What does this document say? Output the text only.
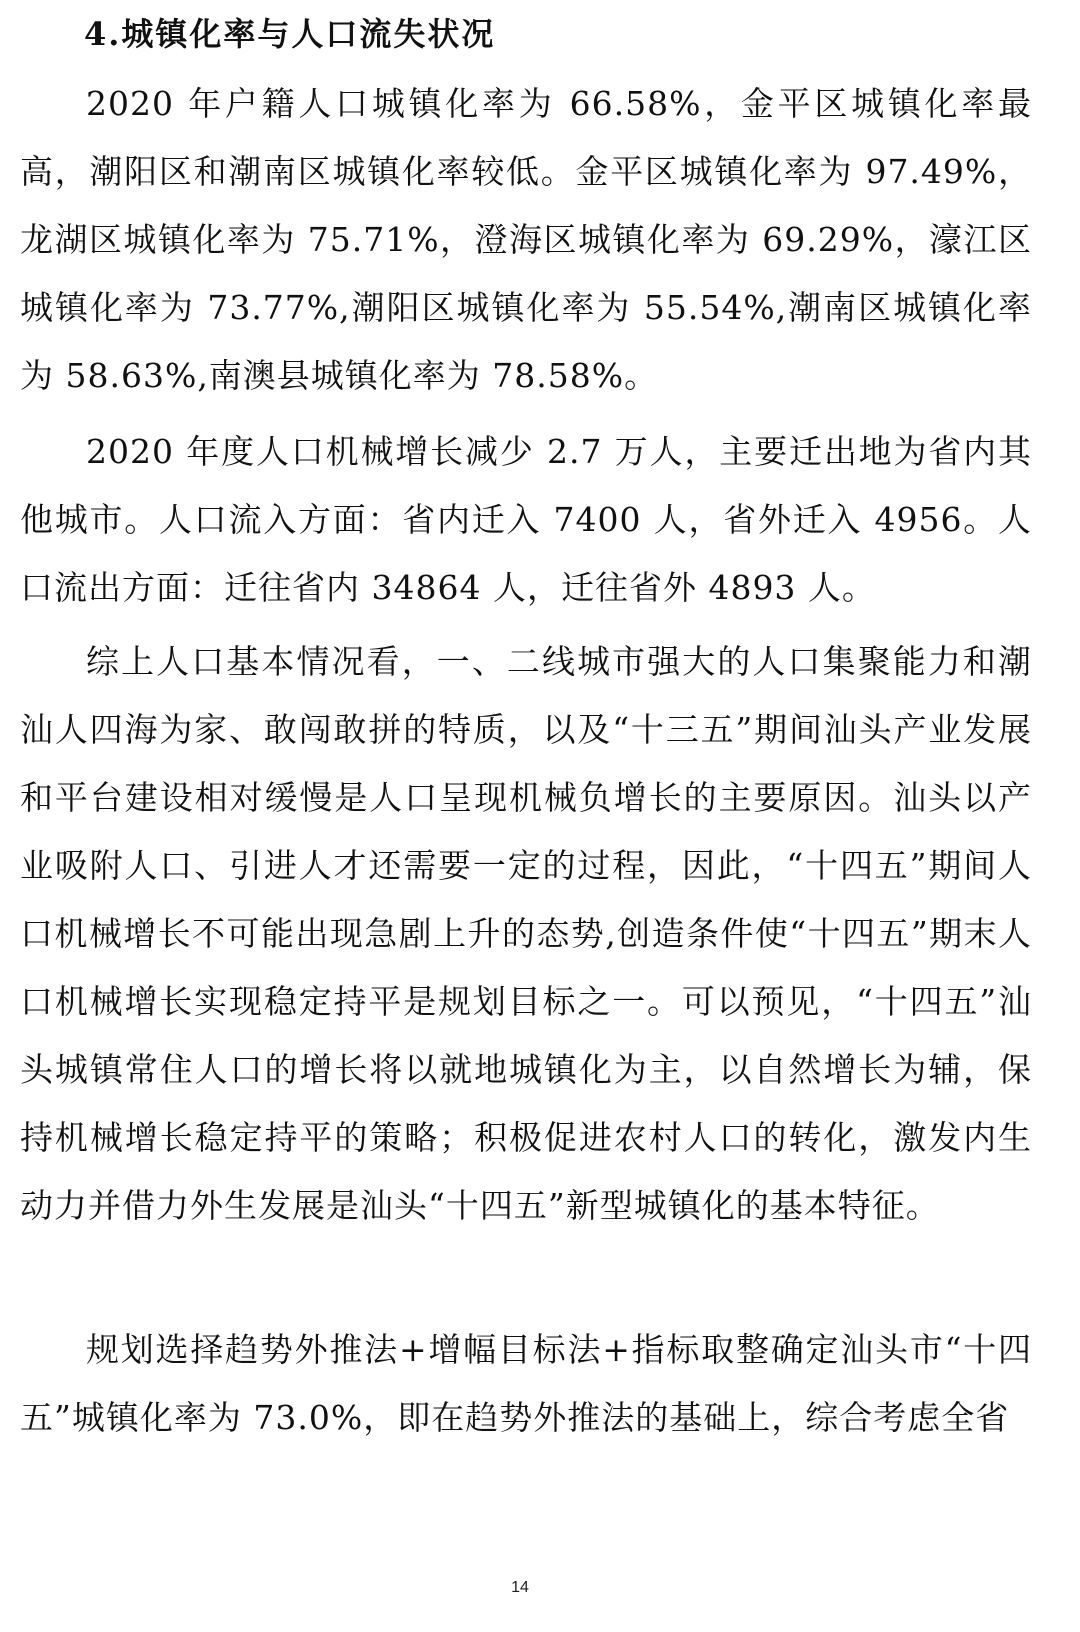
4.城镇化率与人口流失状况

2020 年户籍人口城镇化率为 66.58%，金平区城镇化率最高，潮阳区和潮南区城镇化率较低。金平区城镇化率为 97.49%，龙湖区城镇化率为 75.71%，澄海区城镇化率为 69.29%，濠江区城镇化率为 73.77%,潮阳区城镇化率为 55.54%,潮南区城镇化率为 58.63%,南澳县城镇化率为 78.58%。

2020 年度人口机械增长减少 2.7 万人，主要迁出地为省内其他城市。人口流入方面：省内迁入 7400 人，省外迁入 4956。人口流出方面：迁往省内 34864 人，迁往省外 4893 人。

综上人口基本情况看，一、二线城市强大的人口集聚能力和潮汕人四海为家、敢闯敢拼的特质，以及“十三五”期间汕头产业发展和平台建设相对缓慢是人口呈现机械负增长的主要原因。汕头以产业吸附人口、引进人才还需要一定的过程，因此，“十四五”期间人口机械增长不可能出现急剧上升的态势,创造条件使“十四五”期末人口机械增长实现稳定持平是规划目标之一。可以预见，“十四五”汕头城镇常住人口的增长将以就地城镇化为主，以自然增长为辅，保持机械增长稳定持平的策略；积极促进农村人口的转化，激发内生动力并借力外生发展是汕头“十四五”新型城镇化的基本特征。

规划选择趋势外推法+增幅目标法+指标取整确定汕头市“十四五”城镇化率为 73.0%，即在趋势外推法的基础上，综合考虑全省

14
